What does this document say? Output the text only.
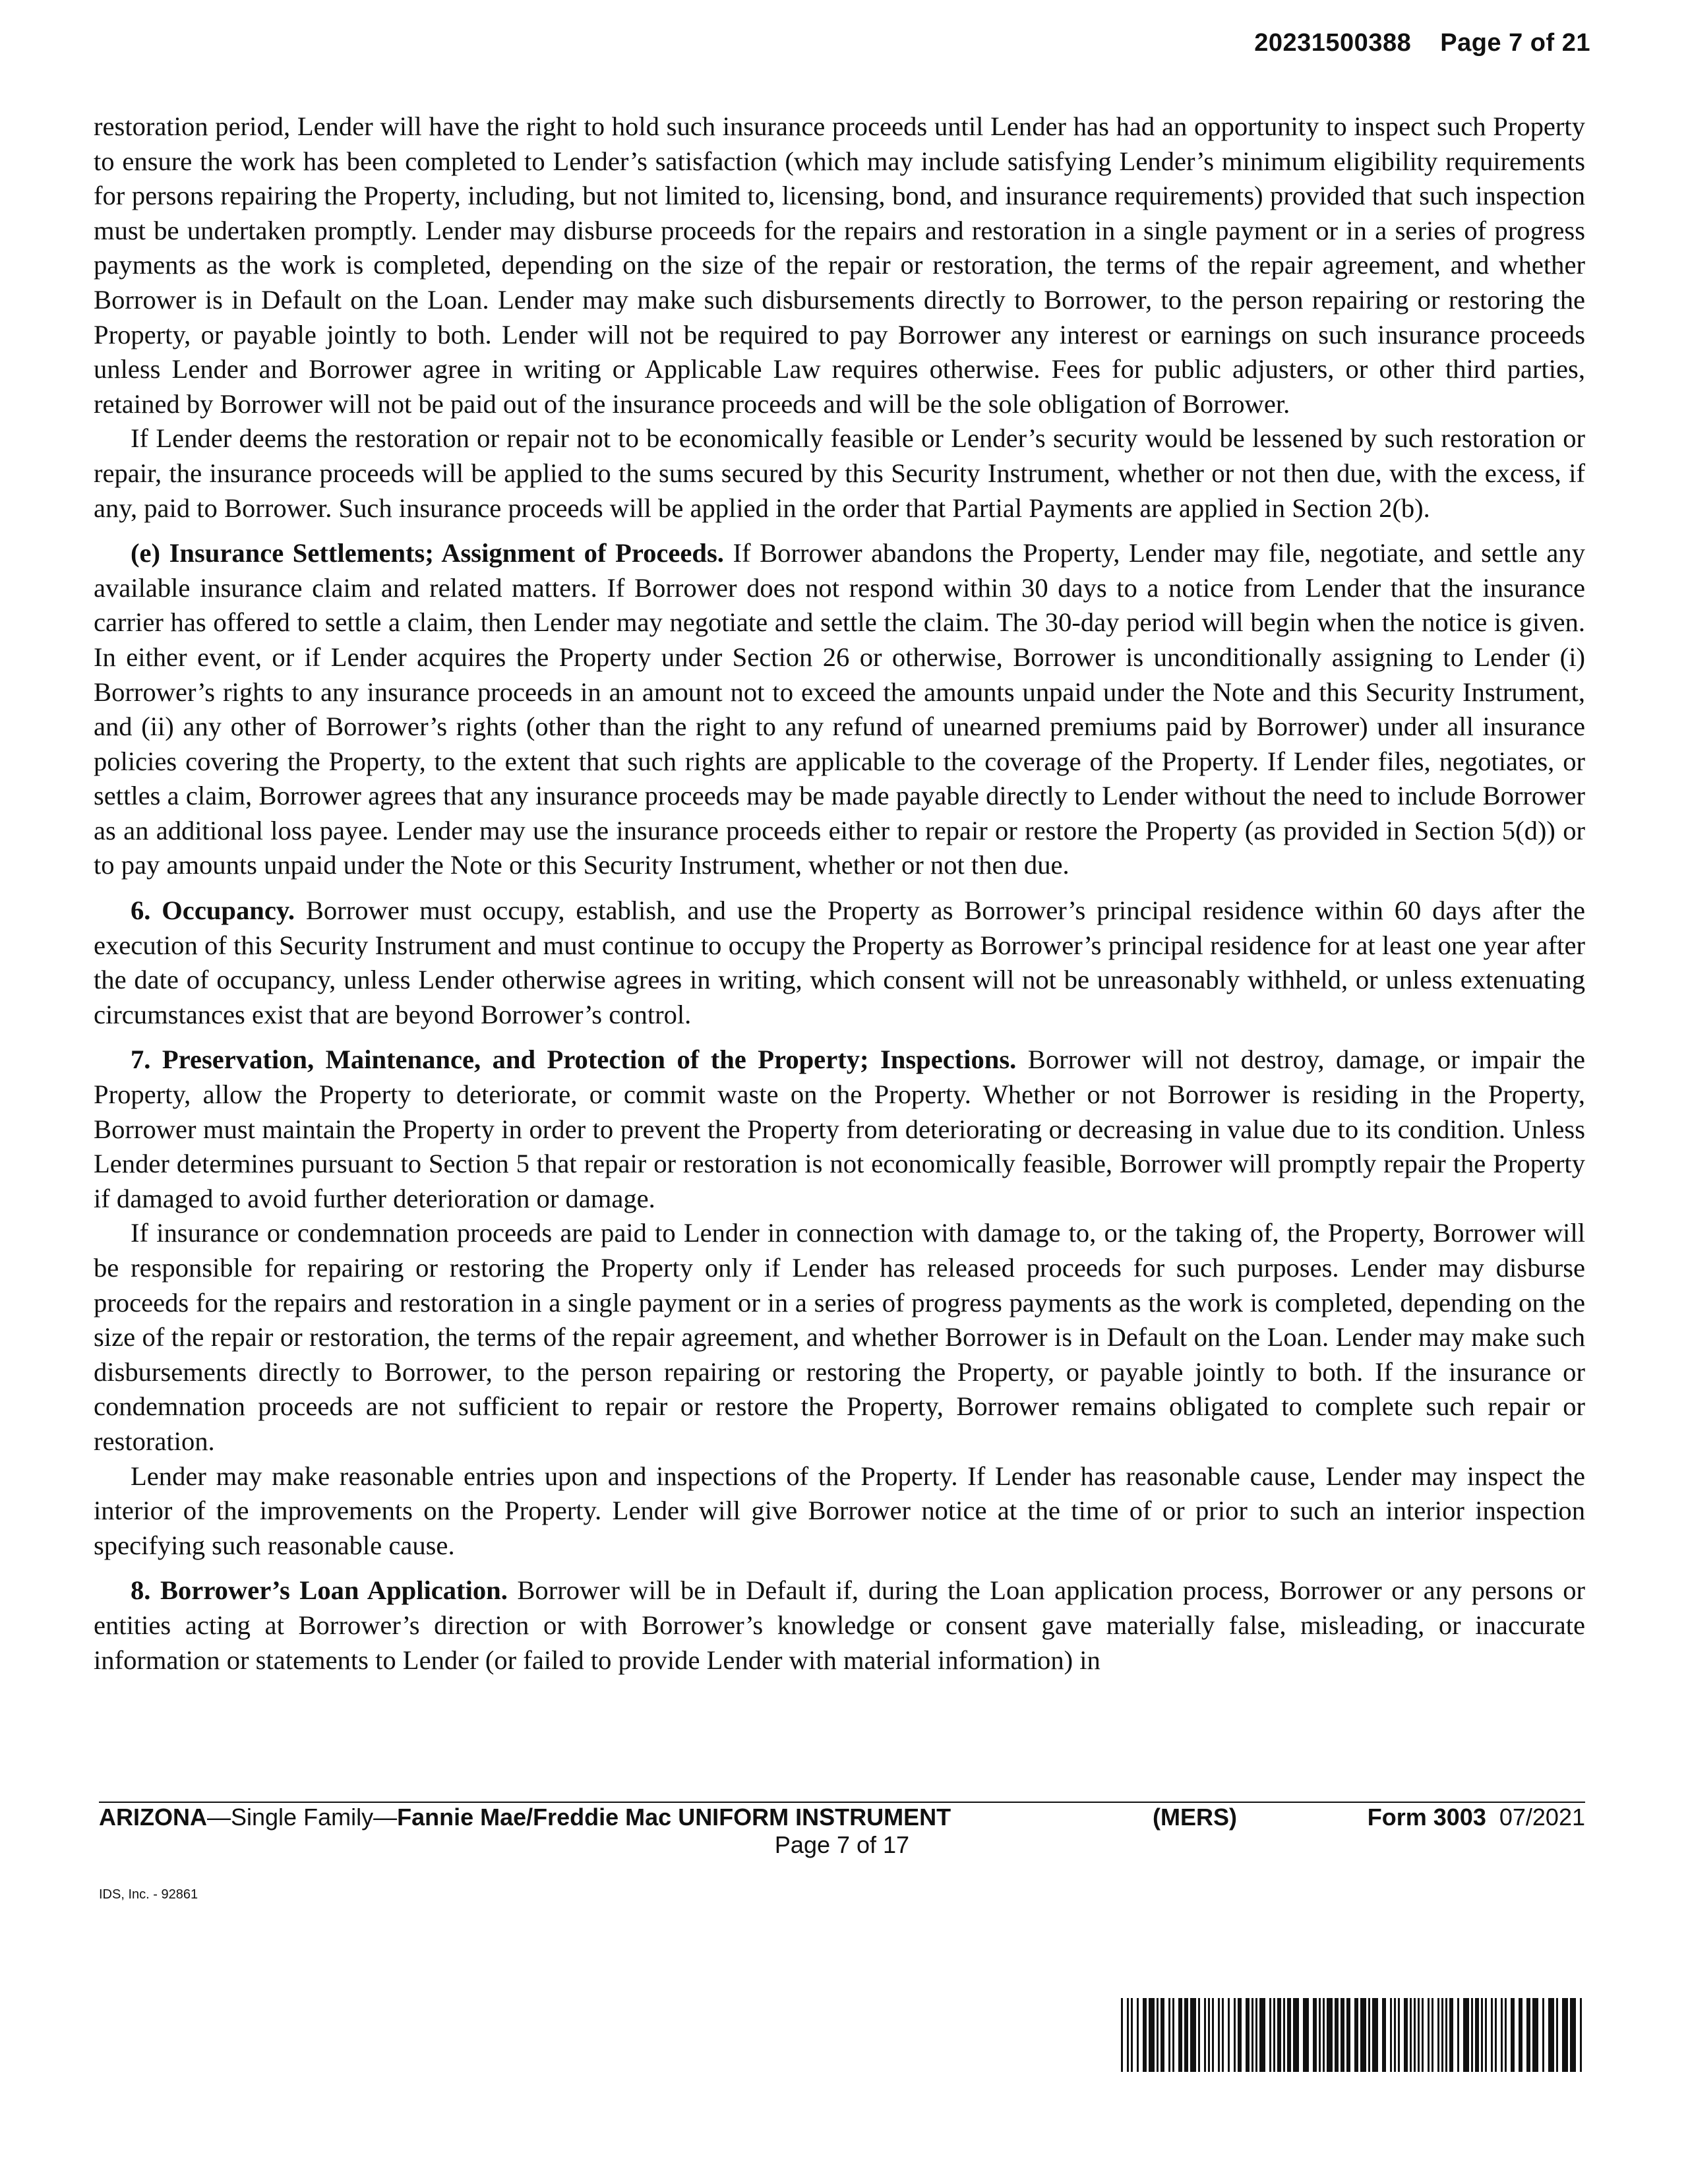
20231500388 Page 7 of 21

restoration period, Lender will have the right to hold such insurance proceeds until Lender has had an opportunity to inspect such Property to ensure the work has been completed to Lender’s satisfaction (which may include satisfying Lender’s minimum eligibility requirements for persons repairing the Property, including, but not limited to, licensing, bond, and insurance requirements) provided that such inspection must be undertaken promptly. Lender may disburse proceeds for the repairs and restoration in a single payment or in a series of progress payments as the work is completed, depending on the size of the repair or restoration, the terms of the repair agreement, and whether Borrower is in Default on the Loan. Lender may make such disbursements directly to Borrower, to the person repairing or restoring the Property, or payable jointly to both. Lender will not be required to pay Borrower any interest or earnings on such insurance proceeds unless Lender and Borrower agree in writing or Applicable Law requires otherwise. Fees for public adjusters, or other third parties, retained by Borrower will not be paid out of the insurance proceeds and will be the sole obligation of Borrower.

If Lender deems the restoration or repair not to be economically feasible or Lender’s security would be lessened by such restoration or repair, the insurance proceeds will be applied to the sums secured by this Security Instrument, whether or not then due, with the excess, if any, paid to Borrower. Such insurance proceeds will be applied in the order that Partial Payments are applied in Section 2(b).

(e) Insurance Settlements; Assignment of Proceeds. If Borrower abandons the Property, Lender may file, negotiate, and settle any available insurance claim and related matters. If Borrower does not respond within 30 days to a notice from Lender that the insurance carrier has offered to settle a claim, then Lender may negotiate and settle the claim. The 30-day period will begin when the notice is given. In either event, or if Lender acquires the Property under Section 26 or otherwise, Borrower is unconditionally assigning to Lender (i) Borrower’s rights to any insurance proceeds in an amount not to exceed the amounts unpaid under the Note and this Security Instrument, and (ii) any other of Borrower’s rights (other than the right to any refund of unearned premiums paid by Borrower) under all insurance policies covering the Property, to the extent that such rights are applicable to the coverage of the Property. If Lender files, negotiates, or settles a claim, Borrower agrees that any insurance proceeds may be made payable directly to Lender without the need to include Borrower as an additional loss payee. Lender may use the insurance proceeds either to repair or restore the Property (as provided in Section 5(d)) or to pay amounts unpaid under the Note or this Security Instrument, whether or not then due.

6. Occupancy. Borrower must occupy, establish, and use the Property as Borrower’s principal residence within 60 days after the execution of this Security Instrument and must continue to occupy the Property as Borrower’s principal residence for at least one year after the date of occupancy, unless Lender otherwise agrees in writing, which consent will not be unreasonably withheld, or unless extenuating circumstances exist that are beyond Borrower’s control.

7. Preservation, Maintenance, and Protection of the Property; Inspections. Borrower will not destroy, damage, or impair the Property, allow the Property to deteriorate, or commit waste on the Property. Whether or not Borrower is residing in the Property, Borrower must maintain the Property in order to prevent the Property from deteriorating or decreasing in value due to its condition. Unless Lender determines pursuant to Section 5 that repair or restoration is not economically feasible, Borrower will promptly repair the Property if damaged to avoid further deterioration or damage.

If insurance or condemnation proceeds are paid to Lender in connection with damage to, or the taking of, the Property, Borrower will be responsible for repairing or restoring the Property only if Lender has released proceeds for such purposes. Lender may disburse proceeds for the repairs and restoration in a single payment or in a series of progress payments as the work is completed, depending on the size of the repair or restoration, the terms of the repair agreement, and whether Borrower is in Default on the Loan. Lender may make such disbursements directly to Borrower, to the person repairing or restoring the Property, or payable jointly to both. If the insurance or condemnation proceeds are not sufficient to repair or restore the Property, Borrower remains obligated to complete such repair or restoration.

Lender may make reasonable entries upon and inspections of the Property. If Lender has reasonable cause, Lender may inspect the interior of the improvements on the Property. Lender will give Borrower notice at the time of or prior to such an interior inspection specifying such reasonable cause.

8. Borrower’s Loan Application. Borrower will be in Default if, during the Loan application process, Borrower or any persons or entities acting at Borrower’s direction or with Borrower’s knowledge or consent gave materially false, misleading, or inaccurate information or statements to Lender (or failed to provide Lender with material information) in

ARIZONA—Single Family—Fannie Mae/Freddie Mac UNIFORM INSTRUMENT	(MERS)	Form 3003 07/2021
Page 7 of 17
IDS, Inc. - 92861
